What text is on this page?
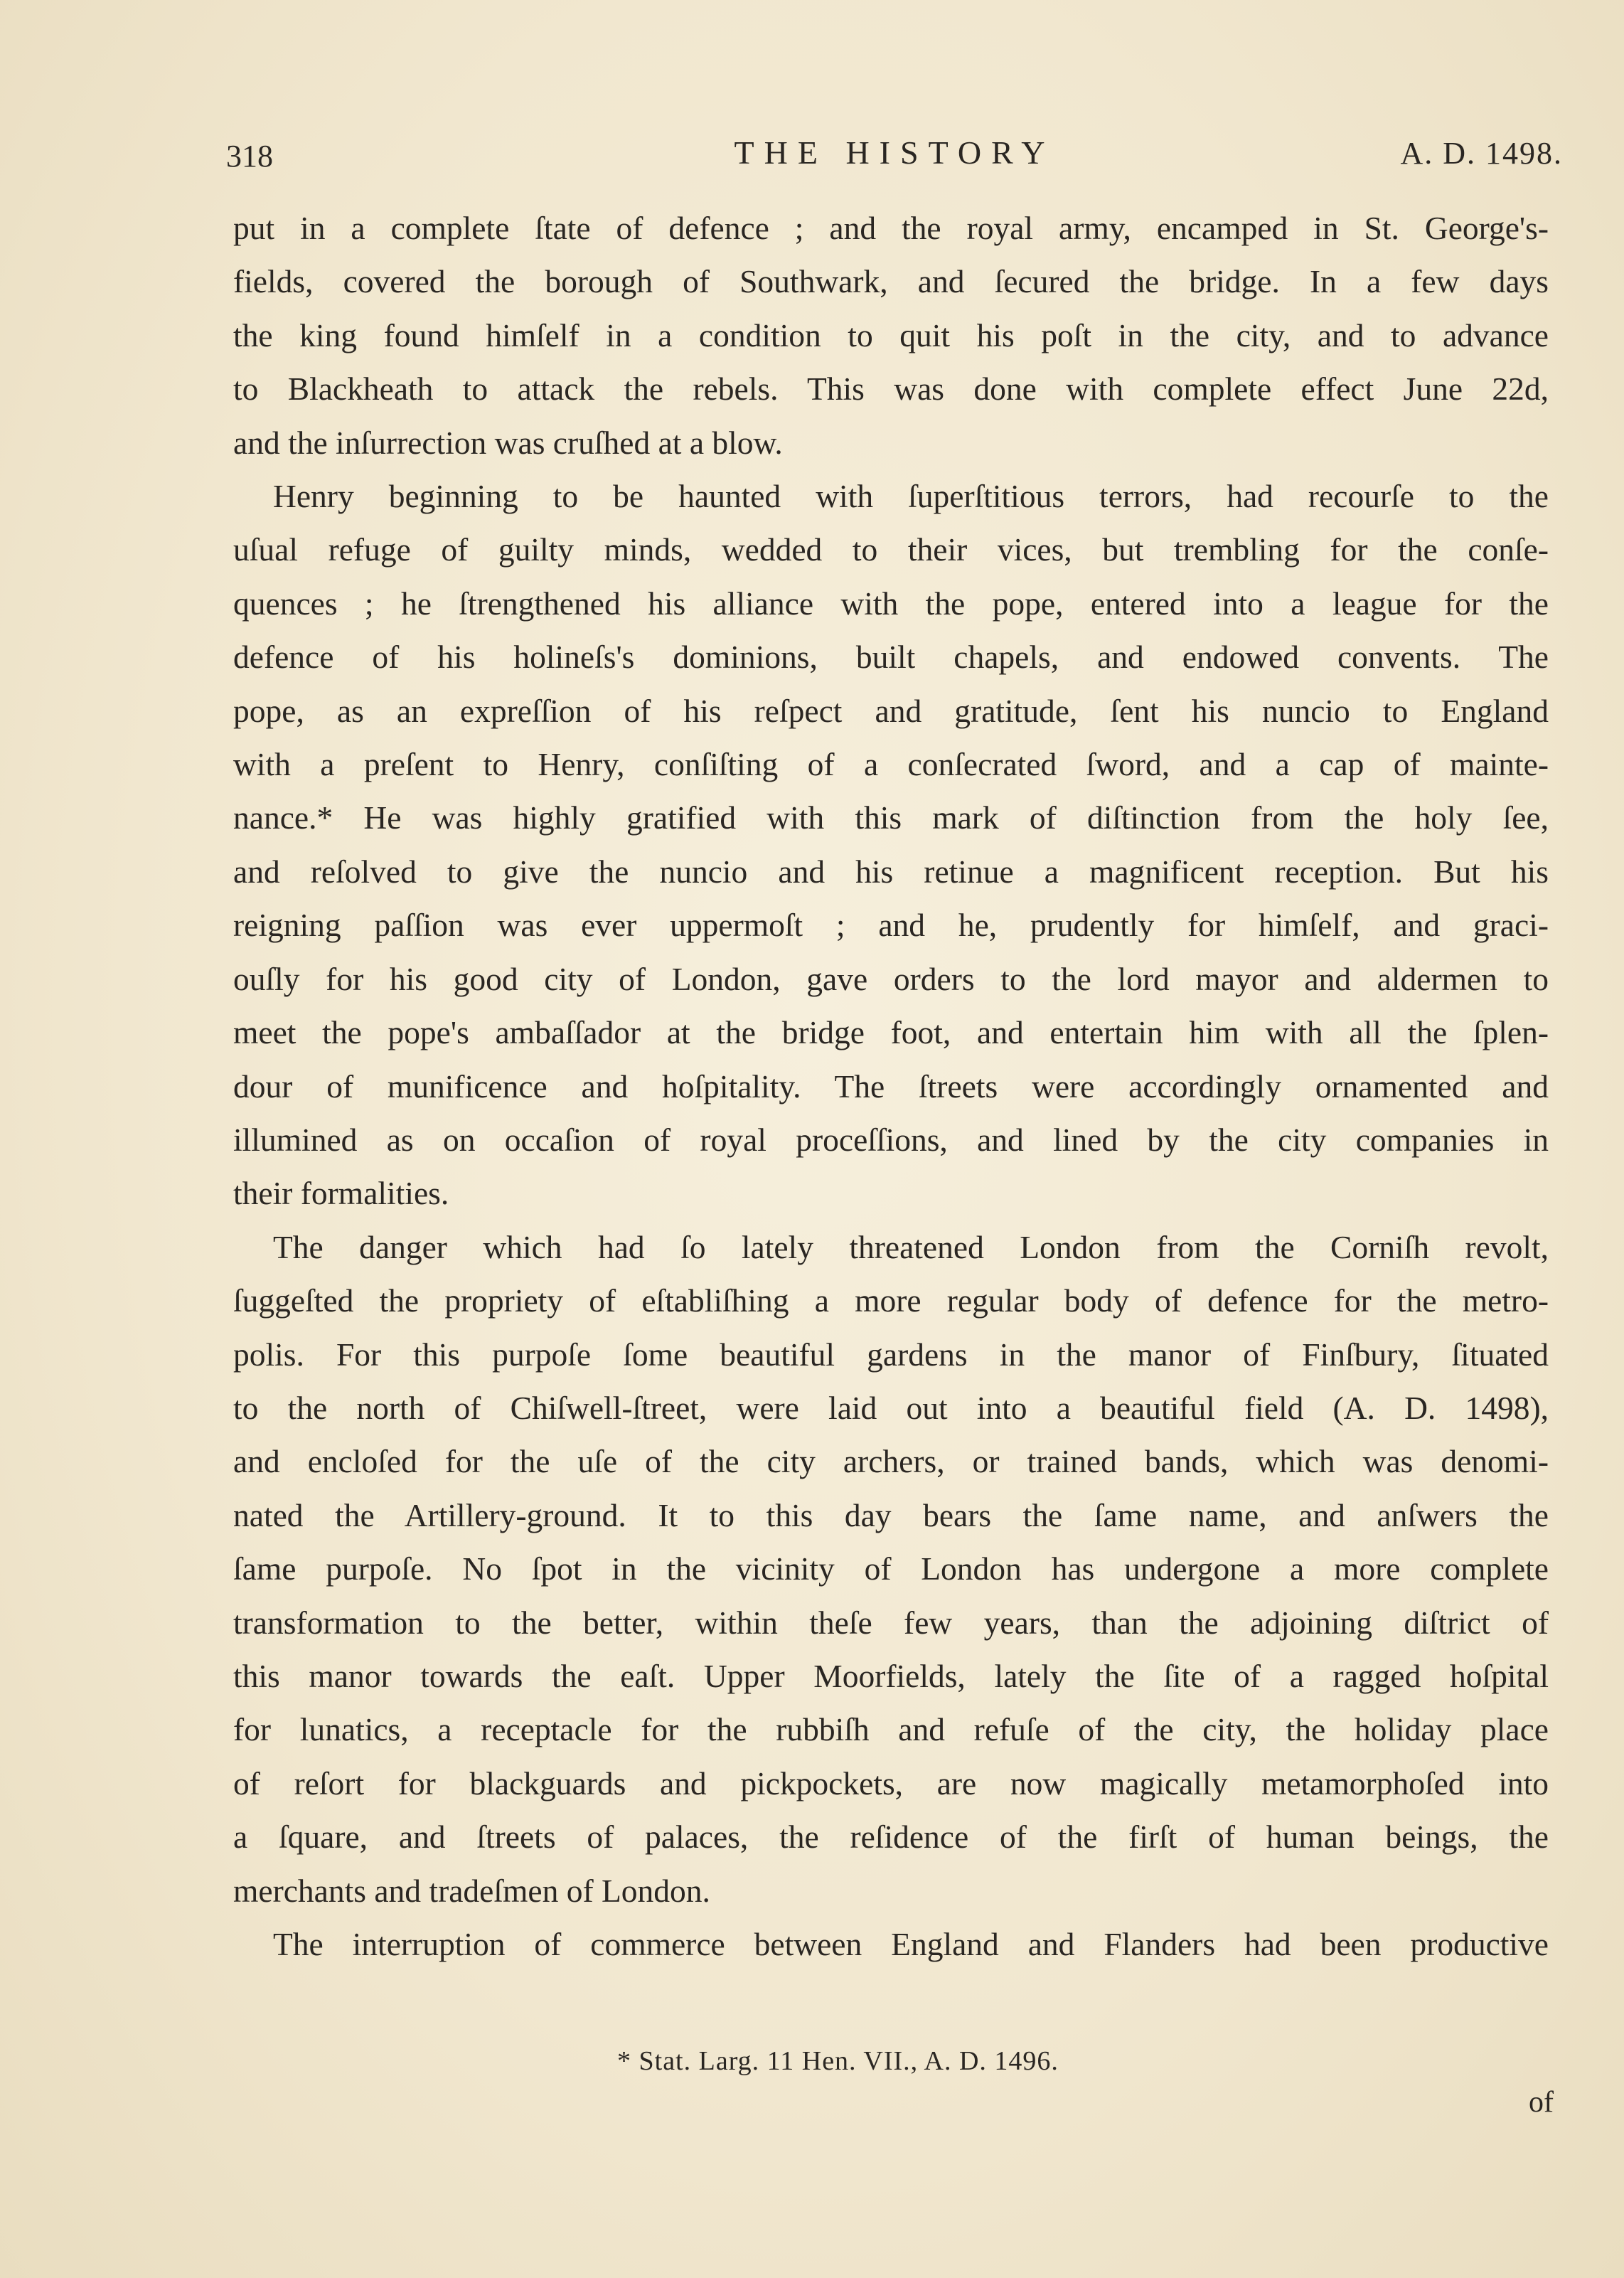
318	THE HISTORY	A. D. 1498.

put in a complete ſtate of defence ; and the royal army, encamped in St. George's-
fields, covered the borough of Southwark, and ſecured the bridge. In a few days
the king found himſelf in a condition to quit his poſt in the city, and to advance
to Blackheath to attack the rebels. This was done with complete effect June 22d,
and the inſurrection was cruſhed at a blow.

Henry beginning to be haunted with ſuperſtitious terrors, had recourſe to the
uſual refuge of guilty minds, wedded to their vices, but trembling for the conſe-
quences ; he ſtrengthened his alliance with the pope, entered into a league for the
defence of his holineſs's dominions, built chapels, and endowed convents. The
pope, as an expreſſion of his reſpect and gratitude, ſent his nuncio to England
with a preſent to Henry, conſiſting of a conſecrated ſword, and a cap of mainte-
nance.* He was highly gratified with this mark of diſtinction from the holy ſee,
and reſolved to give the nuncio and his retinue a magnificent reception. But his
reigning paſſion was ever uppermoſt ; and he, prudently for himſelf, and graci-
ouſly for his good city of London, gave orders to the lord mayor and aldermen to
meet the pope's ambaſſador at the bridge foot, and entertain him with all the ſplen-
dour of munificence and hoſpitality. The ſtreets were accordingly ornamented and
illumined as on occaſion of royal proceſſions, and lined by the city companies in
their formalities.

The danger which had ſo lately threatened London from the Corniſh revolt,
ſuggeſted the propriety of eſtabliſhing a more regular body of defence for the metro-
polis. For this purpoſe ſome beautiful gardens in the manor of Finſbury, ſituated
to the north of Chiſwell-ſtreet, were laid out into a beautiful field (A. D. 1498),
and encloſed for the uſe of the city archers, or trained bands, which was denomi-
nated the Artillery-ground. It to this day bears the ſame name, and anſwers the
ſame purpoſe. No ſpot in the vicinity of London has undergone a more complete
transformation to the better, within theſe few years, than the adjoining diſtrict of
this manor towards the eaſt. Upper Moorfields, lately the ſite of a ragged hoſpital
for lunatics, a receptacle for the rubbiſh and refuſe of the city, the holiday place
of reſort for blackguards and pickpockets, are now magically metamorphoſed into
a ſquare, and ſtreets of palaces, the reſidence of the firſt of human beings, the
merchants and tradeſmen of London.

The interruption of commerce between England and Flanders had been productive

* Stat. Larg. 11 Hen. VII., A. D. 1496.
of
